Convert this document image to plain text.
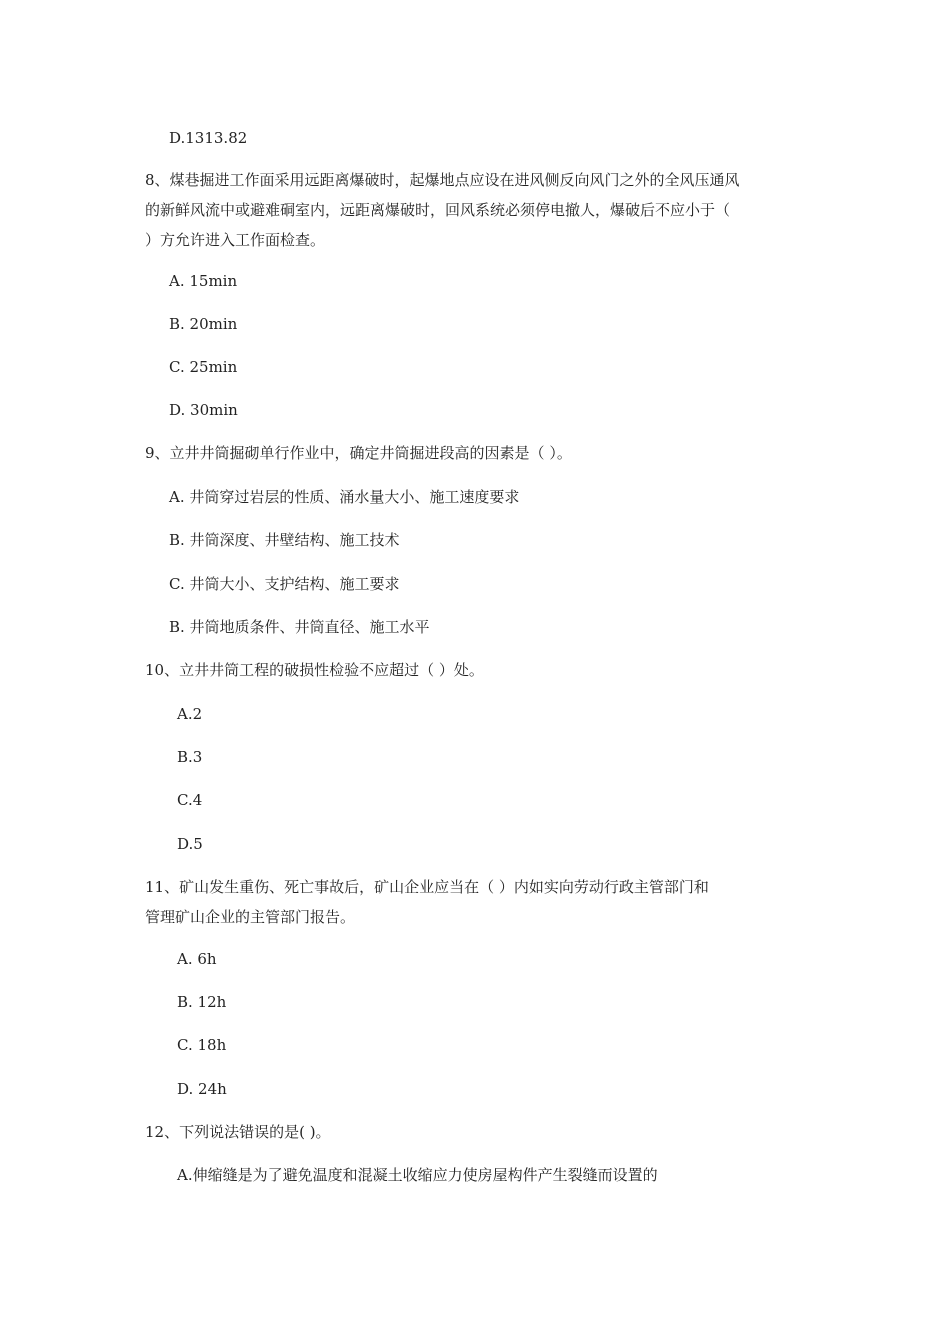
D.1313.82
8、煤巷掘进工作面采用远距离爆破时，起爆地点应设在进风侧反向风门之外的全风压通风
的新鲜风流中或避难硐室内，远距离爆破时，回风系统必须停电撤人，爆破后不应小于（
）方允许进入工作面检查。
A. 15min
B. 20min
C. 25min
D. 30min
9、立井井筒掘砌单行作业中，确定井筒掘进段高的因素是（ ）。
A. 井筒穿过岩层的性质、涌水量大小、施工速度要求
B. 井筒深度、井壁结构、施工技术
C. 井筒大小、支护结构、施工要求
B. 井筒地质条件、井筒直径、施工水平
10、立井井筒工程的破损性检验不应超过（ ）处。
A.2
B.3
C.4
D.5
11、矿山发生重伤、死亡事故后，矿山企业应当在（ ）内如实向劳动行政主管部门和
管理矿山企业的主管部门报告。
A. 6h
B. 12h
C. 18h
D. 24h
12、下列说法错误的是( )。
A.伸缩缝是为了避免温度和混凝土收缩应力使房屋构件产生裂缝而设置的
